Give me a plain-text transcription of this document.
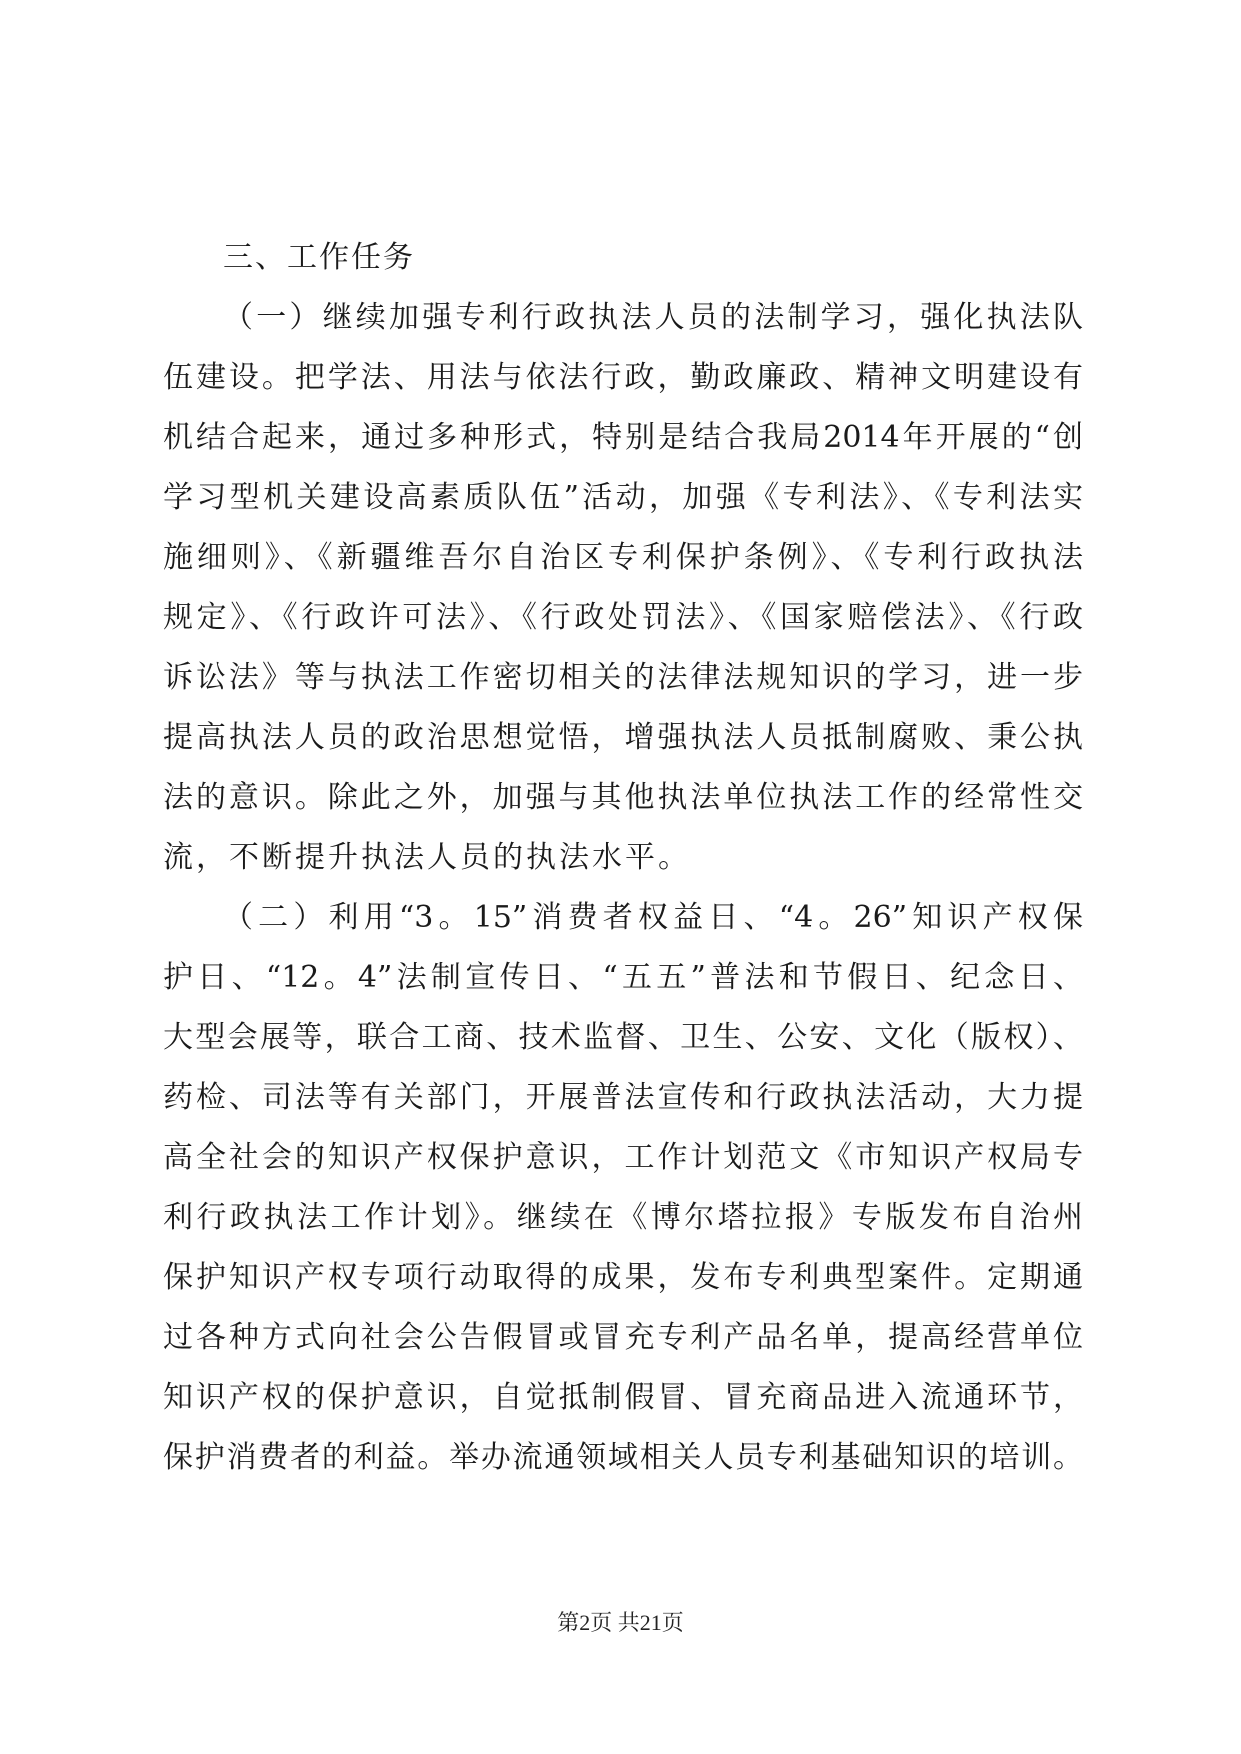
三、工作任务
（一）继续加强专利行政执法人员的法制学习，强化执法队
伍建设。把学法、用法与依法行政，勤政廉政、精神文明建设有
机结合起来，通过多种形式，特别是结合我局2014年开展的“创
学习型机关建设高素质队伍”活动，加强《专利法》、《专利法实
施细则》、《新疆维吾尔自治区专利保护条例》、《专利行政执法
规定》、《行政许可法》、《行政处罚法》、《国家赔偿法》、《行政
诉讼法》等与执法工作密切相关的法律法规知识的学习，进一步
提高执法人员的政治思想觉悟，增强执法人员抵制腐败、秉公执
法的意识。除此之外，加强与其他执法单位执法工作的经常性交
流，不断提升执法人员的执法水平。
（二）利用“3。15”消费者权益日、“4。26”知识产权保
护日、“12。4”法制宣传日、“五五”普法和节假日、纪念日、
大型会展等，联合工商、技术监督、卫生、公安、文化（版权）、
药检、司法等有关部门，开展普法宣传和行政执法活动，大力提
高全社会的知识产权保护意识，工作计划范文《市知识产权局专
利行政执法工作计划》。继续在《博尔塔拉报》专版发布自治州
保护知识产权专项行动取得的成果，发布专利典型案件。定期通
过各种方式向社会公告假冒或冒充专利产品名单，提高经营单位
知识产权的保护意识，自觉抵制假冒、冒充商品进入流通环节，
保护消费者的利益。举办流通领域相关人员专利基础知识的培训。
第2页 共21页
